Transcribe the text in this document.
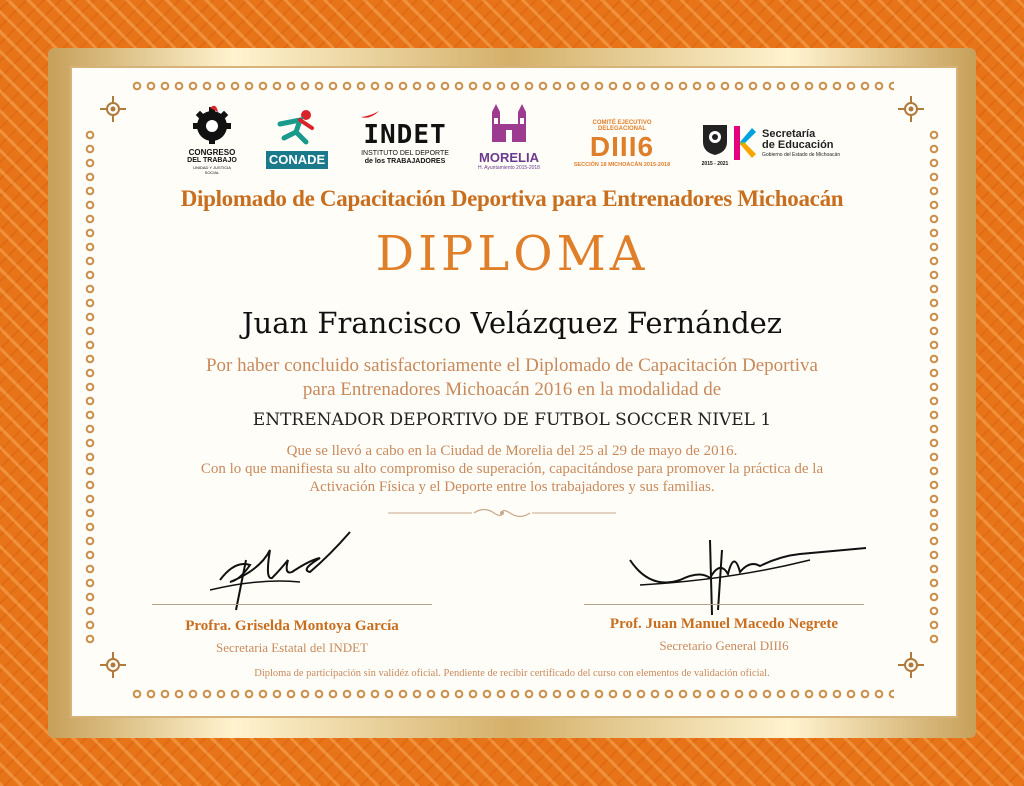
CONGRESO
DEL TRABAJO
UNIDAD Y JUSTICIA SOCIAL
CONADE
INDET
INSTITUTO DEL DEPORTE
de los TRABAJADORES	MORELIA
H. Ayuntamiento 2015-2018
COMITÉ EJECUTIVO DELEGACIONAL
DIII6
SECCIÓN 18 MICHOACÁN 2015-2018	2015 - 2021
Secretaría
de Educación
Gobierno del Estado de Michoacán
Diplomado de Capacitación Deportiva para Entrenadores Michoacán
DIPLOMA
Juan Francisco Velázquez Fernández
Por haber concluido satisfactoriamente el Diplomado de Capacitación Deportiva
para Entrenadores Michoacán 2016 en la modalidad de
ENTRENADOR DEPORTIVO DE FUTBOL SOCCER NIVEL 1
Que se llevó a cabo en la Ciudad de Morelia del 25 al 29 de mayo de 2016.
Con lo que manifiesta su alto compromiso de superación, capacitándose para promover la práctica de la
Activación Física y el Deporte entre los trabajadores y sus familias.
Profra. Griselda Montoya García
Secretaria Estatal del INDET
Prof. Juan Manuel Macedo Negrete
Secretario General DIII6
Diploma de participación sin validéz oficial. Pendiente de recibir certificado del curso con elementos de validación oficial.
